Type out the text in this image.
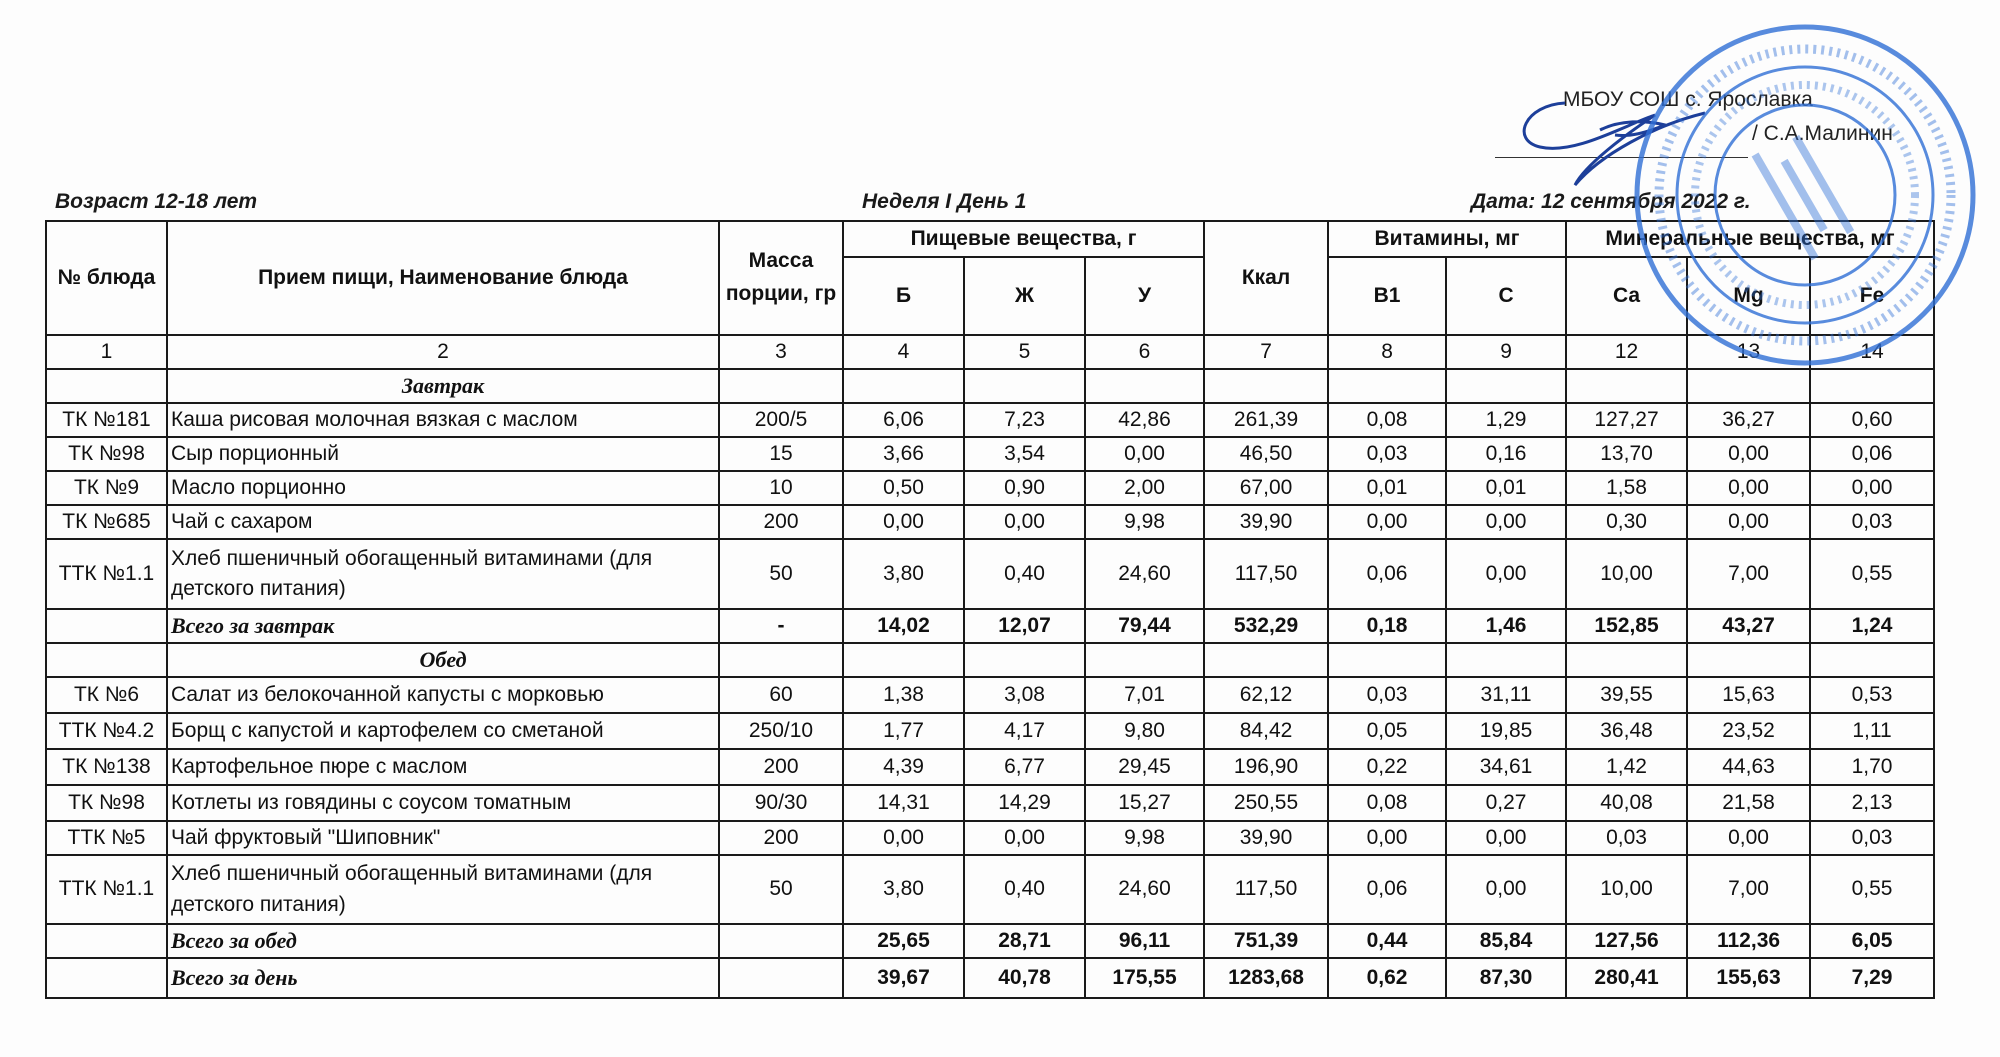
МБОУ СОШ с. Ярославка
/ С.А.Малинин
Возраст 12-18 лет	Неделя I День 1	Дата: 12 сентября 2022 г.
№ блюда	Прием пищи, Наименование блюда	Масса порции, гр	Пищевые вещества, г			Ккал	Витамины, мг		Минеральные вещества, мг		
			Б	Ж	У		В1	С	Са	Mg	Fe
1	2	3	4	5	6	7	8	9	12	13	14
	Завтрак										
ТК №181	Каша рисовая молочная вязкая с маслом	200/5	6,06	7,23	42,86	261,39	0,08	1,29	127,27	36,27	0,60
ТК №98	Сыр порционный	15	3,66	3,54	0,00	46,50	0,03	0,16	13,70	0,00	0,06
ТК №9	Масло порционно	10	0,50	0,90	2,00	67,00	0,01	0,01	1,58	0,00	0,00
ТК №685	Чай с сахаром	200	0,00	0,00	9,98	39,90	0,00	0,00	0,30	0,00	0,03
ТТК №1.1	Хлеб пшеничный обогащенный витаминами (для детского питания)	50	3,80	0,40	24,60	117,50	0,06	0,00	10,00	7,00	0,55
	Всего за завтрак	-	14,02	12,07	79,44	532,29	0,18	1,46	152,85	43,27	1,24
	Обед										
ТК №6	Салат из белокочанной капусты с морковью	60	1,38	3,08	7,01	62,12	0,03	31,11	39,55	15,63	0,53
ТТК №4.2	Борщ с капустой и картофелем со сметаной	250/10	1,77	4,17	9,80	84,42	0,05	19,85	36,48	23,52	1,11
ТК №138	Картофельное пюре с маслом	200	4,39	6,77	29,45	196,90	0,22	34,61	1,42	44,63	1,70
ТК №98	Котлеты из говядины с соусом томатным	90/30	14,31	14,29	15,27	250,55	0,08	0,27	40,08	21,58	2,13
ТТК №5	Чай фруктовый "Шиповник"	200	0,00	0,00	9,98	39,90	0,00	0,00	0,03	0,00	0,03
ТТК №1.1	Хлеб пшеничный обогащенный витаминами (для детского питания)	50	3,80	0,40	24,60	117,50	0,06	0,00	10,00	7,00	0,55
	Всего за обед		25,65	28,71	96,11	751,39	0,44	85,84	127,56	112,36	6,05
	Всего за день		39,67	40,78	175,55	1283,68	0,62	87,30	280,41	155,63	7,29
